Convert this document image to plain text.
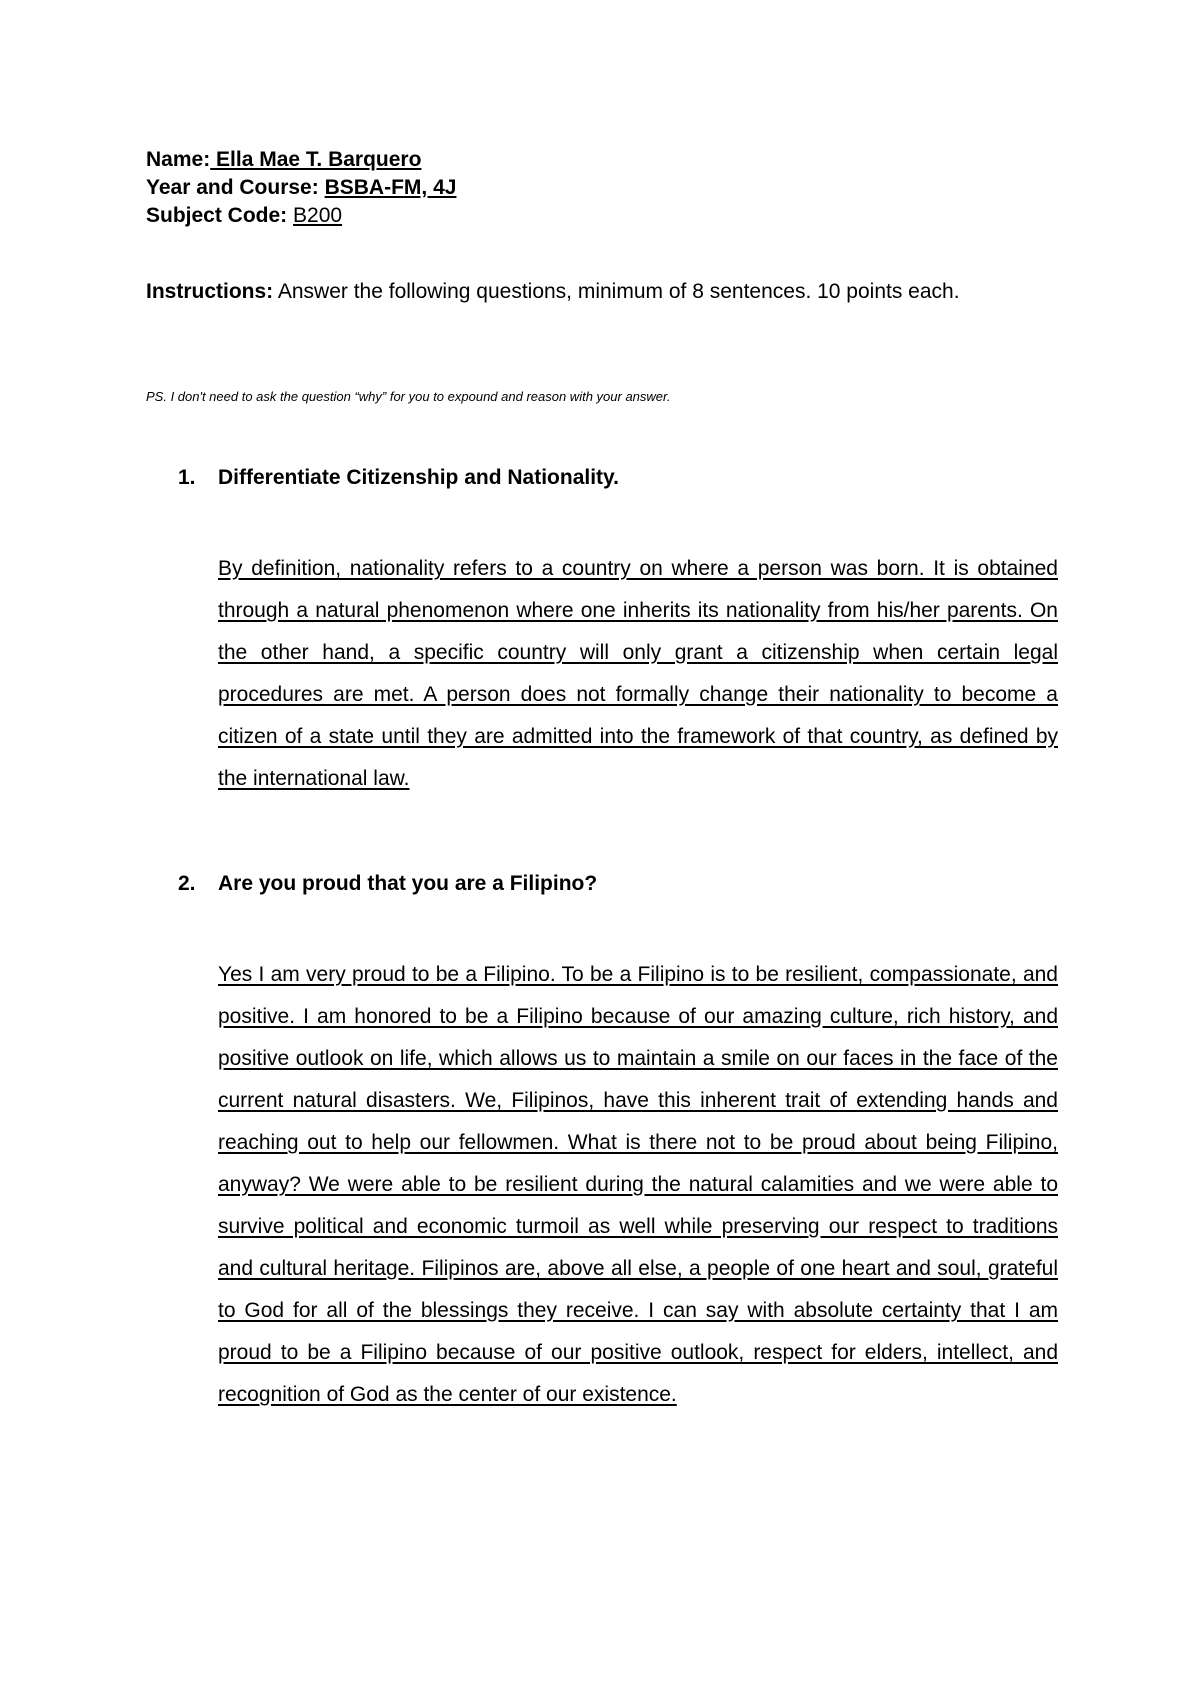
Name: Ella Mae T. Barquero
Year and Course: BSBA-FM, 4J
Subject Code: B200
Instructions: Answer the following questions, minimum of 8 sentences. 10 points each.
PS. I don't need to ask the question “why” for you to expound and reason with your answer.
1. Differentiate Citizenship and Nationality.
By definition, nationality refers to a country on where a person was born. It is obtained through a natural phenomenon where one inherits its nationality from his/her parents. On the other hand, a specific country will only grant a citizenship when certain legal procedures are met. A person does not formally change their nationality to become a citizen of a state until they are admitted into the framework of that country, as defined by the international law.
2. Are you proud that you are a Filipino?
Yes I am very proud to be a Filipino. To be a Filipino is to be resilient, compassionate, and positive. I am honored to be a Filipino because of our amazing culture, rich history, and positive outlook on life, which allows us to maintain a smile on our faces in the face of the current natural disasters. We, Filipinos, have this inherent trait of extending hands and reaching out to help our fellowmen. What is there not to be proud about being Filipino, anyway? We were able to be resilient during the natural calamities and we were able to survive political and economic turmoil as well while preserving our respect to traditions and cultural heritage. Filipinos are, above all else, a people of one heart and soul, grateful to God for all of the blessings they receive. I can say with absolute certainty that I am proud to be a Filipino because of our positive outlook, respect for elders, intellect, and recognition of God as the center of our existence.
